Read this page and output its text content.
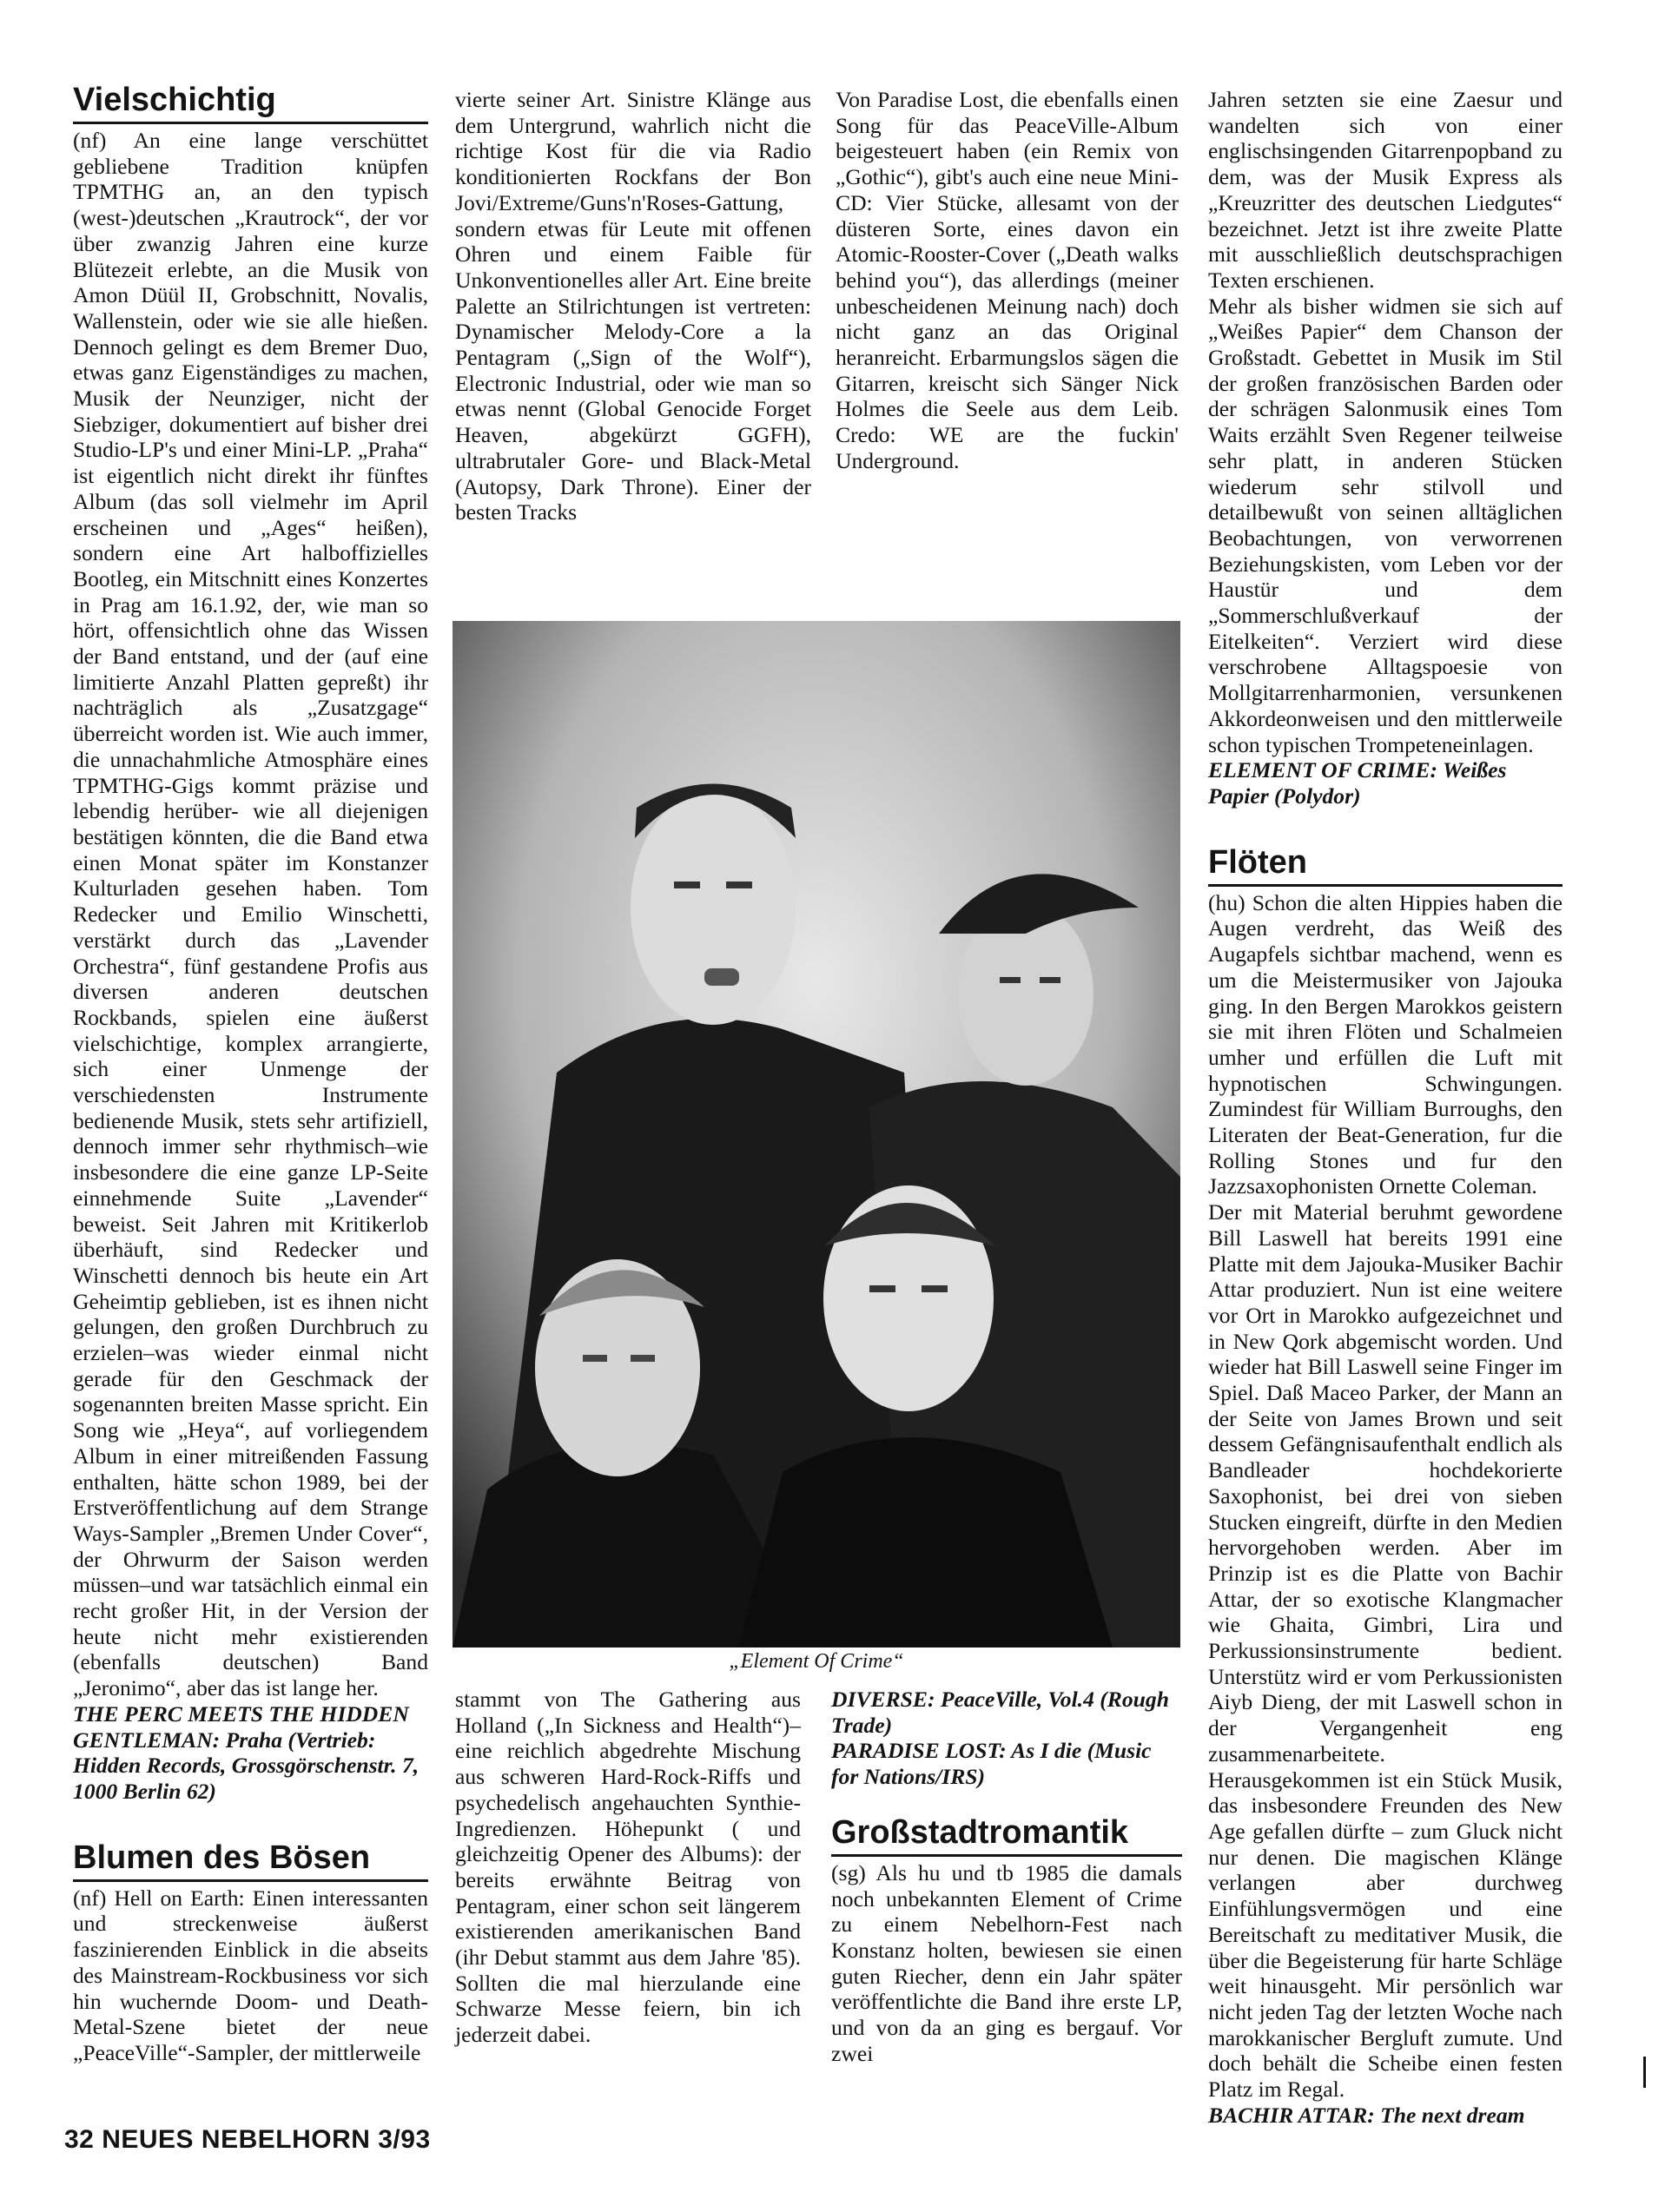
Vielschichtig

(nf) An eine lange verschüttet gebliebene Tradition knüpfen TPMTHG an, an den typisch (west-)deutschen „Krautrock“, der vor über zwanzig Jahren eine kurze Blütezeit erlebte, an die Musik von Amon Düül II, Grobschnitt, Novalis, Wallenstein, oder wie sie alle hießen. Dennoch gelingt es dem Bremer Duo, etwas ganz Eigenständiges zu machen, Musik der Neunziger, nicht der Siebziger, dokumentiert auf bisher drei Studio-LP's und einer Mini-LP. „Praha“ ist eigentlich nicht direkt ihr fünftes Album (das soll vielmehr im April erscheinen und „Ages“ heißen), sondern eine Art halboffizielles Bootleg, ein Mitschnitt eines Konzertes in Prag am 16.1.92, der, wie man so hört, offensichtlich ohne das Wissen der Band entstand, und der (auf eine limitierte Anzahl Platten gepreßt) ihr nachträglich als „Zusatzgage“ überreicht worden ist. Wie auch immer, die unnachahmliche Atmosphäre eines TPMTHG-Gigs kommt präzise und lebendig herüber- wie all diejenigen bestätigen könnten, die die Band etwa einen Monat später im Konstanzer Kulturladen gesehen haben. Tom Redecker und Emilio Winschetti, verstärkt durch das „Lavender Orchestra“, fünf gestandene Profis aus diversen anderen deutschen Rockbands, spielen eine äußerst vielschichtige, komplex arrangierte, sich einer Unmenge der verschiedensten Instrumente bedienende Musik, stets sehr artifiziell, dennoch immer sehr rhythmisch–wie insbesondere die eine ganze LP-Seite einnehmende Suite „Lavender“ beweist. Seit Jahren mit Kritikerlob überhäuft, sind Redecker und Winschetti dennoch bis heute ein Art Geheimtip geblieben, ist es ihnen nicht gelungen, den großen Durchbruch zu erzielen–was wieder einmal nicht gerade für den Geschmack der sogenannten breiten Masse spricht. Ein Song wie „Heya“, auf vorliegendem Album in einer mitreißenden Fassung enthalten, hätte schon 1989, bei der Erstveröffentlichung auf dem Strange Ways-Sampler „Bremen Under Cover“, der Ohrwurm der Saison werden müssen–und war tatsächlich einmal ein recht großer Hit, in der Version der heute nicht mehr existierenden (ebenfalls deutschen) Band „Jeronimo“, aber das ist lange her.

THE PERC MEETS THE HIDDEN GENTLEMAN: Praha (Vertrieb: Hidden Records, Grossgörschenstr. 7, 1000 Berlin 62)

Blumen des Bösen

(nf) Hell on Earth: Einen interessanten und streckenweise äußerst faszinierenden Einblick in die abseits des Mainstream-Rockbusiness vor sich hin wuchernde Doom- und Death-Metal-Szene bietet der neue „PeaceVille“-Sampler, der mittlerweile

vierte seiner Art. Sinistre Klänge aus dem Untergrund, wahrlich nicht die richtige Kost für die via Radio konditionierten Rockfans der Bon Jovi/Extreme/Guns'n'Roses-Gattung, sondern etwas für Leute mit offenen Ohren und einem Faible für Unkonventionelles aller Art. Eine breite Palette an Stilrichtungen ist vertreten: Dynamischer Melody-Core a la Pentagram („Sign of the Wolf“), Electronic Industrial, oder wie man so etwas nennt (Global Genocide Forget Heaven, abgekürzt GGFH), ultrabrutaler Gore- und Black-Metal (Autopsy, Dark Throne). Einer der besten Tracks

Von Paradise Lost, die ebenfalls einen Song für das PeaceVille-Album beigesteuert haben (ein Remix von „Gothic“), gibt's auch eine neue Mini-CD: Vier Stücke, allesamt von der düsteren Sorte, eines davon ein Atomic-Rooster-Cover („Death walks behind you“), das allerdings (meiner unbescheidenen Meinung nach) doch nicht ganz an das Original heranreicht. Erbarmungslos sägen die Gitarren, kreischt sich Sänger Nick Holmes die Seele aus dem Leib. Credo: WE are the fuckin' Underground.

Jahren setzten sie eine Zaesur und wandelten sich von einer englischsingenden Gitarrenpopband zu dem, was der Musik Express als „Kreuzritter des deutschen Liedgutes“ bezeichnet. Jetzt ist ihre zweite Platte mit ausschließlich deutschsprachigen Texten erschienen.

Mehr als bisher widmen sie sich auf „Weißes Papier“ dem Chanson der Großstadt. Gebettet in Musik im Stil der großen französischen Barden oder der schrägen Salonmusik eines Tom Waits erzählt Sven Regener teilweise sehr platt, in anderen Stücken wiederum sehr stilvoll und detailbewußt von seinen alltäglichen Beobachtungen, von verworrenen Beziehungskisten, vom Leben vor der Haustür und dem „Sommerschlußverkauf der Eitelkeiten“. Verziert wird diese verschrobene Alltagspoesie von Mollgitarrenharmonien, versunkenen Akkordeonweisen und den mittlerweile schon typischen Trompeteneinlagen.

ELEMENT OF CRIME: Weißes Papier (Polydor)

Flöten

(hu) Schon die alten Hippies haben die Augen verdreht, das Weiß des Augapfels sichtbar machend, wenn es um die Meistermusiker von Jajouka ging. In den Bergen Marokkos geistern sie mit ihren Flöten und Schalmeien umher und erfüllen die Luft mit hypnotischen Schwingungen. Zumindest für William Burroughs, den Literaten der Beat-Generation, fur die Rolling Stones und fur den Jazzsaxophonisten Ornette Coleman.

Der mit Material beruhmt gewordene Bill Laswell hat bereits 1991 eine Platte mit dem Jajouka-Musiker Bachir Attar produziert. Nun ist eine weitere vor Ort in Marokko aufgezeichnet und in New Qork abgemischt worden. Und wieder hat Bill Laswell seine Finger im Spiel. Daß Maceo Parker, der Mann an der Seite von James Brown und seit dessem Gefängnisaufenthalt endlich als Bandleader hochdekorierte Saxophonist, bei drei von sieben Stucken eingreift, dürfte in den Medien hervorgehoben werden. Aber im Prinzip ist es die Platte von Bachir Attar, der so exotische Klangmacher wie Ghaita, Gimbri, Lira und Perkussionsinstrumente bedient. Unterstütz wird er vom Perkussionisten Aiyb Dieng, der mit Laswell schon in der Vergangenheit eng zusammenarbeitete.

Herausgekommen ist ein Stück Musik, das insbesondere Freunden des New Age gefallen dürfte – zum Gluck nicht nur denen. Die magischen Klänge verlangen aber durchweg Einfühlungsvermögen und eine Bereitschaft zu meditativer Musik, die über die Begeisterung für harte Schläge weit hinausgeht. Mir persönlich war nicht jeden Tag der letzten Woche nach marokkanischer Bergluft zumute. Und doch behält die Scheibe einen festen Platz im Regal.

BACHIR ATTAR: The next dream

„Element Of Crime“

stammt von The Gathering aus Holland („In Sickness and Health“)–eine reichlich abgedrehte Mischung aus schweren Hard-Rock-Riffs und psychedelisch angehauchten Synthie-Ingredienzen. Höhepunkt ( und gleichzeitig Opener des Albums): der bereits erwähnte Beitrag von Pentagram, einer schon seit längerem existierenden amerikanischen Band (ihr Debut stammt aus dem Jahre '85). Sollten die mal hierzulande eine Schwarze Messe feiern, bin ich jederzeit dabei.

DIVERSE: PeaceVille, Vol.4 (Rough Trade)

PARADISE LOST: As I die (Music for Nations/IRS)

Großstadtromantik

(sg) Als hu und tb 1985 die damals noch unbekannten Element of Crime zu einem Nebelhorn-Fest nach Konstanz holten, bewiesen sie einen guten Riecher, denn ein Jahr später veröffentlichte die Band ihre erste LP, und von da an ging es bergauf. Vor zwei

32 NEUES NEBELHORN 3/93
